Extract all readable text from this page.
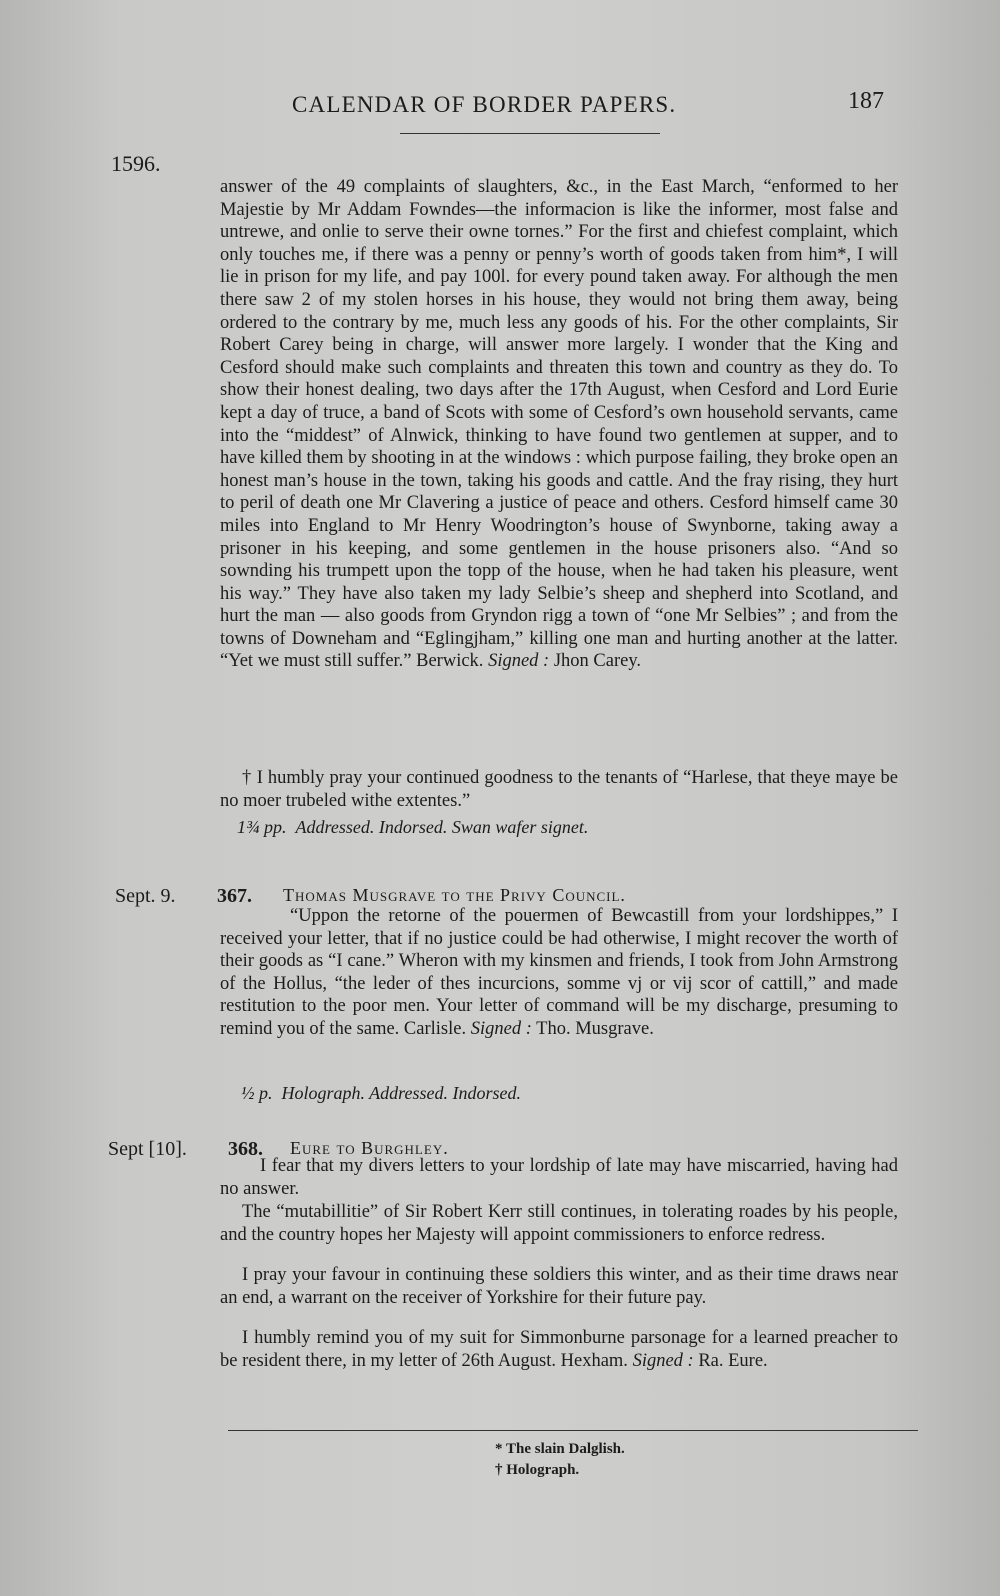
CALENDAR OF BORDER PAPERS.	187
1596.

answer of the 49 complaints of slaughters, &c., in the East March, “enformed to her Majestie by Mr Addam Fowndes—the informacion is like the informer, most false and untrewe, and onlie to serve their owne tornes.” For the first and chiefest complaint, which only touches me, if there was a penny or penny’s worth of goods taken from him*, I will lie in prison for my life, and pay 100l. for every pound taken away. For although the men there saw 2 of my stolen horses in his house, they would not bring them away, being ordered to the contrary by me, much less any goods of his. For the other complaints, Sir Robert Carey being in charge, will answer more largely. I wonder that the King and Cesford should make such complaints and threaten this town and country as they do. To show their honest dealing, two days after the 17th August, when Cesford and Lord Eurie kept a day of truce, a band of Scots with some of Cesford’s own household servants, came into the “middest” of Alnwick, thinking to have found two gentlemen at supper, and to have killed them by shooting in at the windows : which purpose failing, they broke open an honest man’s house in the town, taking his goods and cattle. And the fray rising, they hurt to peril of death one Mr Clavering a justice of peace and others. Cesford himself came 30 miles into England to Mr Henry Woodrington’s house of Swynborne, taking away a prisoner in his keeping, and some gentlemen in the house prisoners also. “And so sownding his trumpett upon the topp of the house, when he had taken his pleasure, went his way.” They have also taken my lady Selbie’s sheep and shepherd into Scotland, and hurt the man — also goods from Gryndon rigg a town of “one Mr Selbies” ; and from the towns of Downeham and “Eglingjham,” killing one man and hurting another at the latter. “Yet we must still suffer.” Berwick. Signed : Jhon Carey.

† I humbly pray your continued goodness to the tenants of “Harlese, that theye maye be no moer trubeled withe extentes.”

1¾ pp. Addressed. Indorsed. Swan wafer signet.
Sept. 9. 367. Thomas Musgrave to the Privy Council.

“Uppon the retorne of the pouermen of Bewcastill from your lordshippes,” I received your letter, that if no justice could be had otherwise, I might recover the worth of their goods as “I cane.” Wheron with my kinsmen and friends, I took from John Armstrong of the Hollus, “the leder of thes incurcions, somme vj or vij scor of cattill,” and made restitution to the poor men. Your letter of command will be my discharge, presuming to remind you of the same. Carlisle. Signed : Tho. Musgrave.

½ p. Holograph. Addressed. Indorsed.
Sept [10]. 368. Eure to Burghley.

I fear that my divers letters to your lordship of late may have miscarried, having had no answer.

The “mutabillitie” of Sir Robert Kerr still continues, in tolerating roades by his people, and the country hopes her Majesty will appoint commissioners to enforce redress.

I pray your favour in continuing these soldiers this winter, and as their time draws near an end, a warrant on the receiver of Yorkshire for their future pay.

I humbly remind you of my suit for Simmonburne parsonage for a learned preacher to be resident there, in my letter of 26th August. Hexham. Signed : Ra. Eure.

* The slain Dalglish.
† Holograph.
